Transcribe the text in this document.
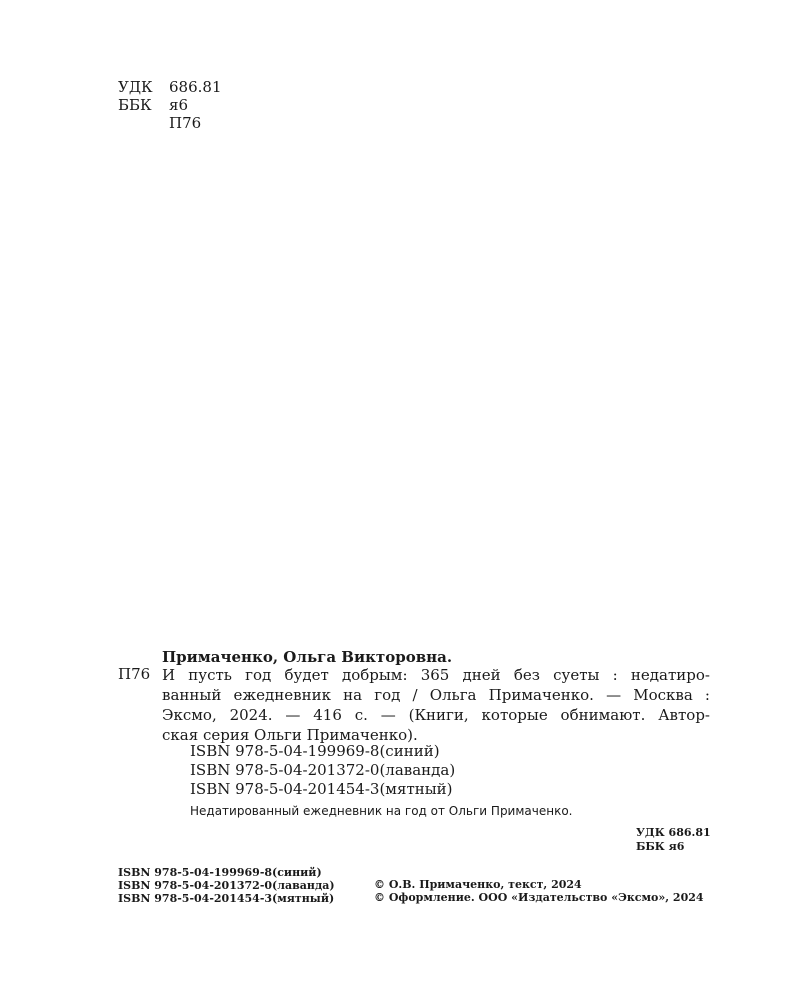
УДК	686.81
ББК	я6
П76
Примаченко, Ольга Викторовна.
П76 И пусть год будет добрым: 365 дней без суеты : недатиро-
ванный ежедневник на год / Ольга Примаченко. — Москва :
Эксмо, 2024. — 416 с. — (Книги, которые обнимают. Автор-
ская серия Ольги Примаченко).
ISBN 978-5-04-199969-8(синий)
ISBN 978-5-04-201372-0(лаванда)
ISBN 978-5-04-201454-3(мятный)
Недатированный ежедневник на год от Ольги Примаченко.
УДК 686.81
ББК я6
ISBN 978-5-04-199969-8(синий)
ISBN 978-5-04-201372-0(лаванда)
ISBN 978-5-04-201454-3(мятный)
© О.В. Примаченко, текст, 2024
© Оформление. ООО «Издательство «Эксмо», 2024
